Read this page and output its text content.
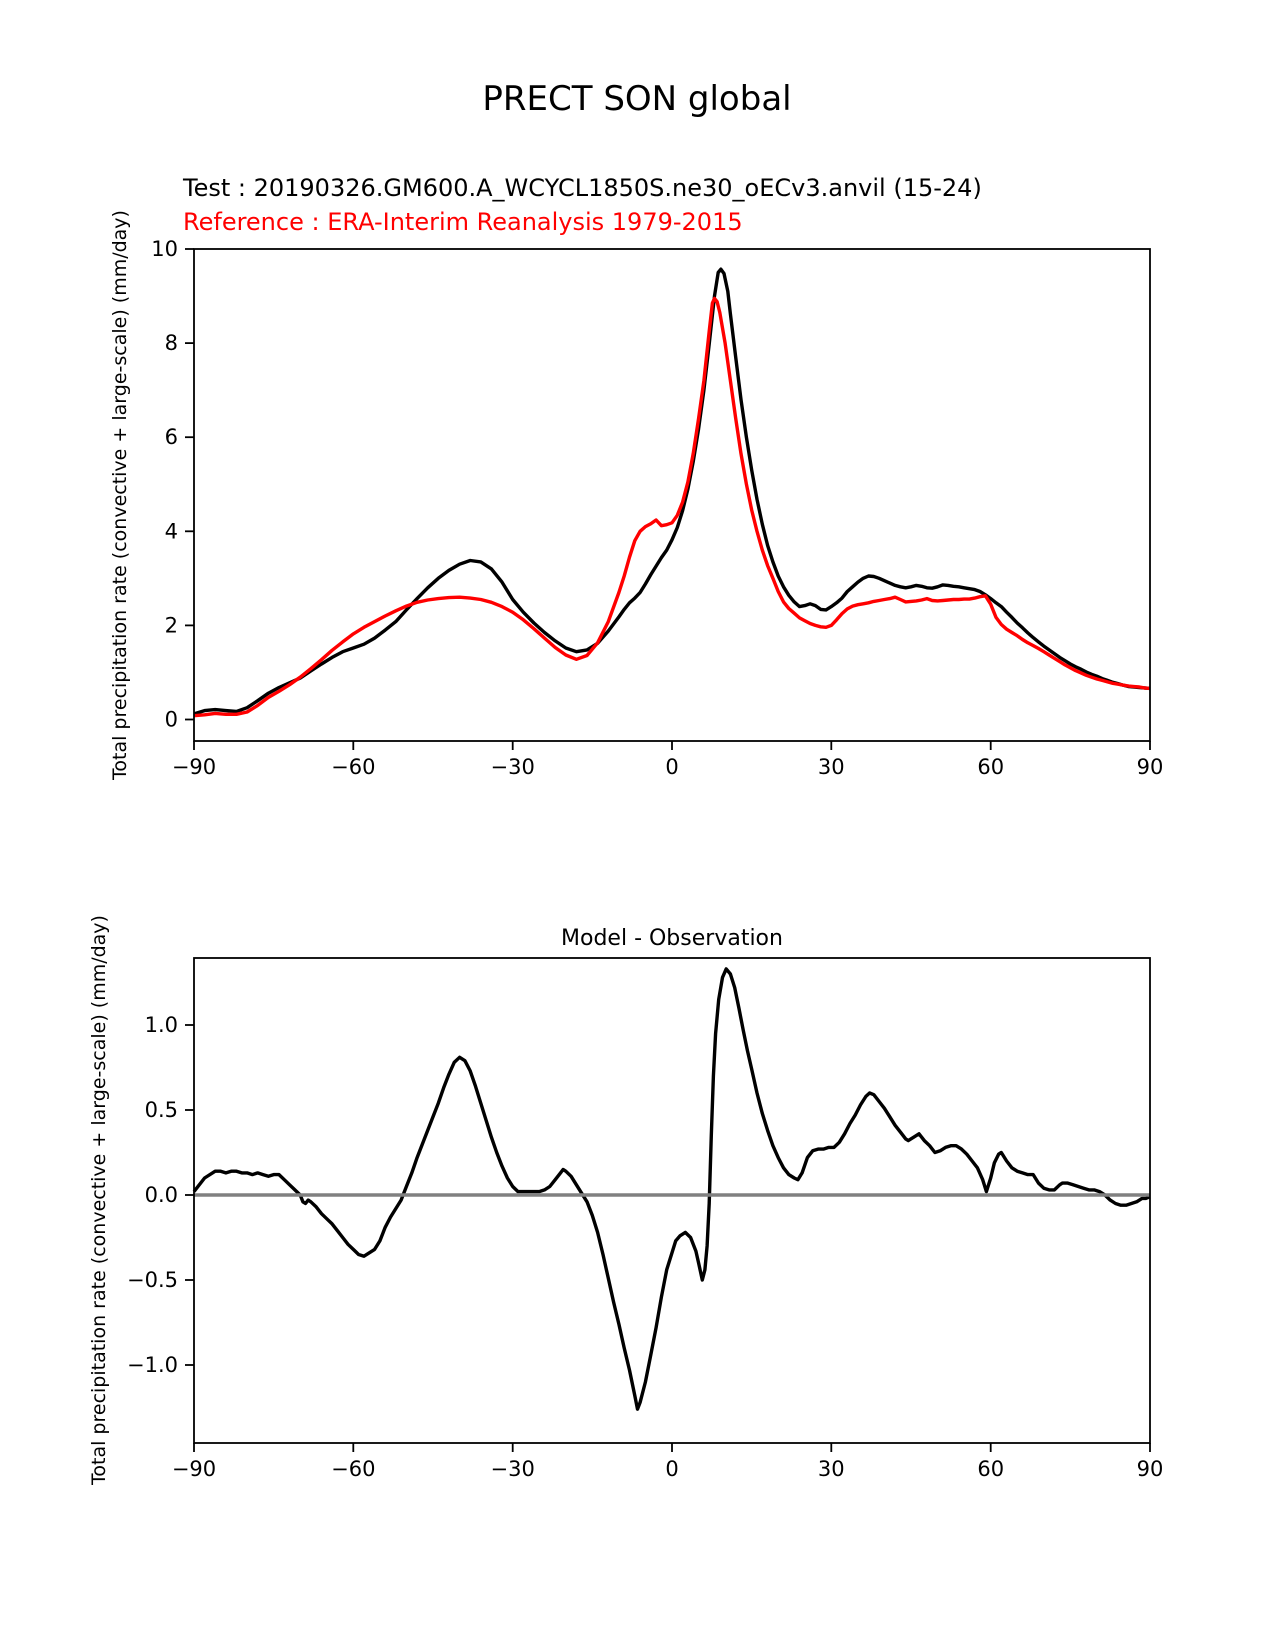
−90	−60	−30	0	30	60	90
0
2
4
6
8
10
−90	−60	−30	0	30	60	90
−1.0
−0.5
0.0
0.5
1.0
PRECT SON global
Test : 20190326.GM600.A_WCYCL1850S.ne30_oECv3.anvil (15-24)
Reference : ERA-Interim Reanalysis 1979-2015
Total precipitation rate (convective + large-scale) (mm/day)
Total precipitation rate (convective + large-scale) (mm/day)	Model - Observation
